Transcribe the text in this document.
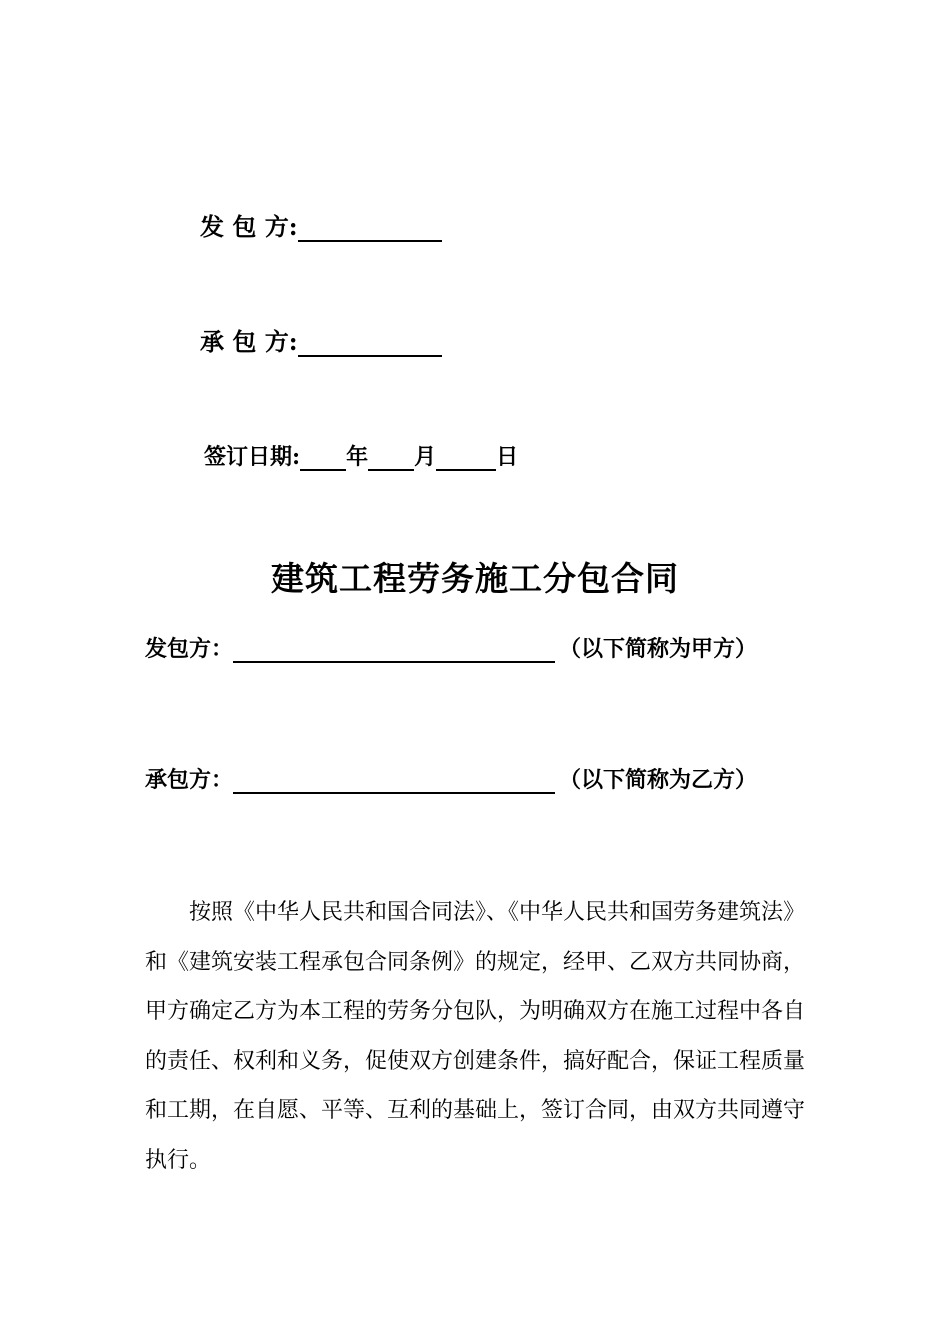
发 包 方:
承 包 方:
签订日期: 年 月	日
建筑工程劳务施工分包合同
发包方：	（以下简称为甲方）
承包方：	（以下简称为乙方）

按照《中华人民共和国合同法》、《中华人民共和国劳务建筑法》和《建筑安装工程承包合同条例》的规定，经甲、乙双方共同协商，甲方确定乙方为本工程的劳务分包队，为明确双方在施工过程中各自的责任、权利和义务，促使双方创建条件，搞好配合，保证工程质量和工期，在自愿、平等、互利的基础上，签订合同，由双方共同遵守执行。
